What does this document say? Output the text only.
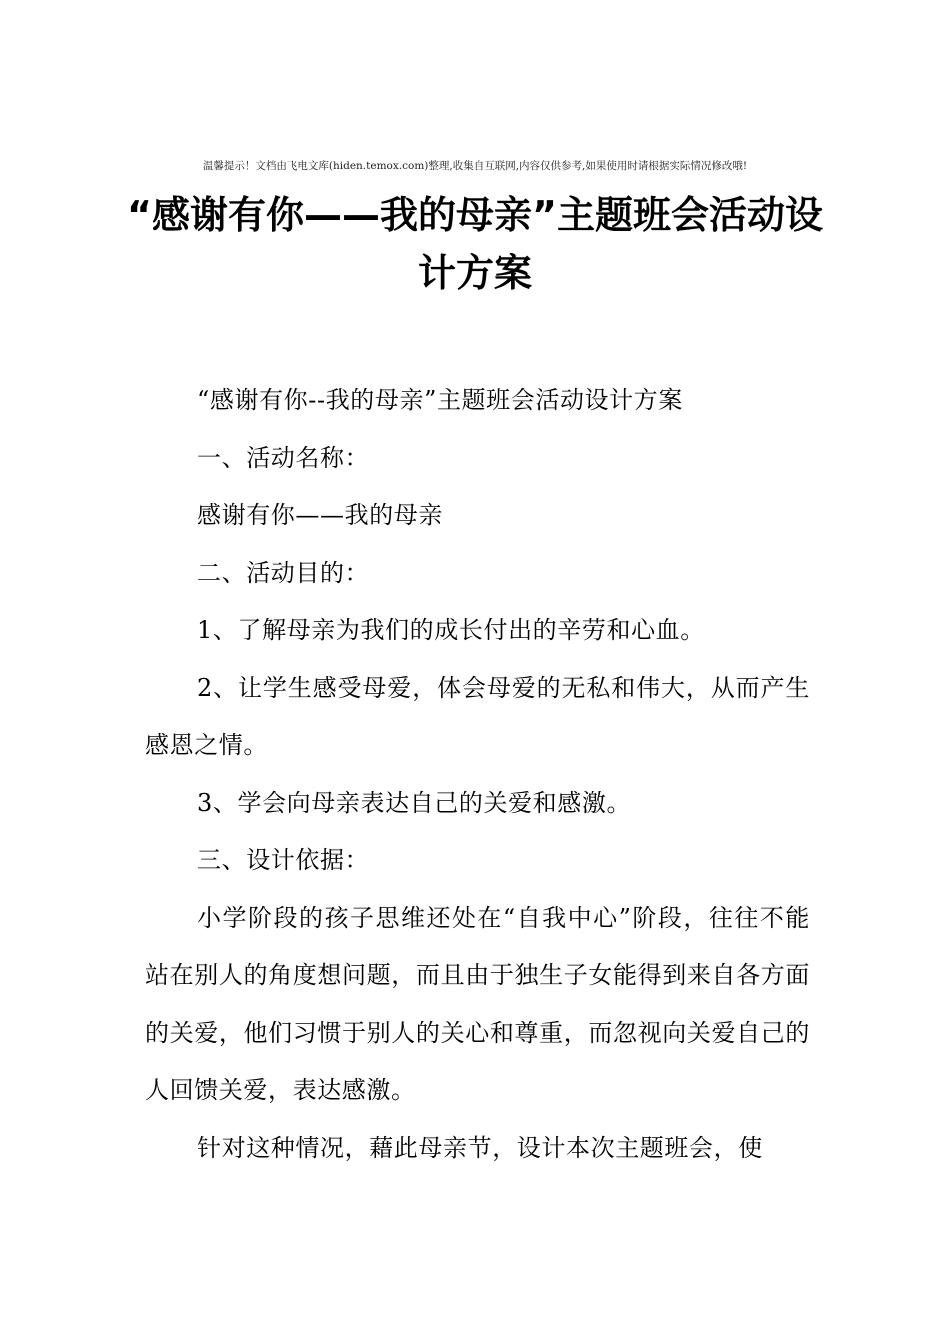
温馨提示！文档由飞电文库(hiden.temox.com)整理,收集自互联网,内容仅供参考,如果使用时请根据实际情况修改哦!
“感谢有你——我的母亲”主题班会活动设计方案

“感谢有你--我的母亲”主题班会活动设计方案

一、活动名称：

感谢有你——我的母亲

二、活动目的：

1、了解母亲为我们的成长付出的辛劳和心血。

2、让学生感受母爱，体会母爱的无私和伟大，从而产生感恩之情。

3、学会向母亲表达自己的关爱和感激。

三、设计依据：

小学阶段的孩子思维还处在“自我中心”阶段，往往不能站在别人的角度想问题，而且由于独生子女能得到来自各方面的关爱，他们习惯于别人的关心和尊重，而忽视向关爱自己的人回馈关爱，表达感激。

针对这种情况，藉此母亲节，设计本次主题班会，使
